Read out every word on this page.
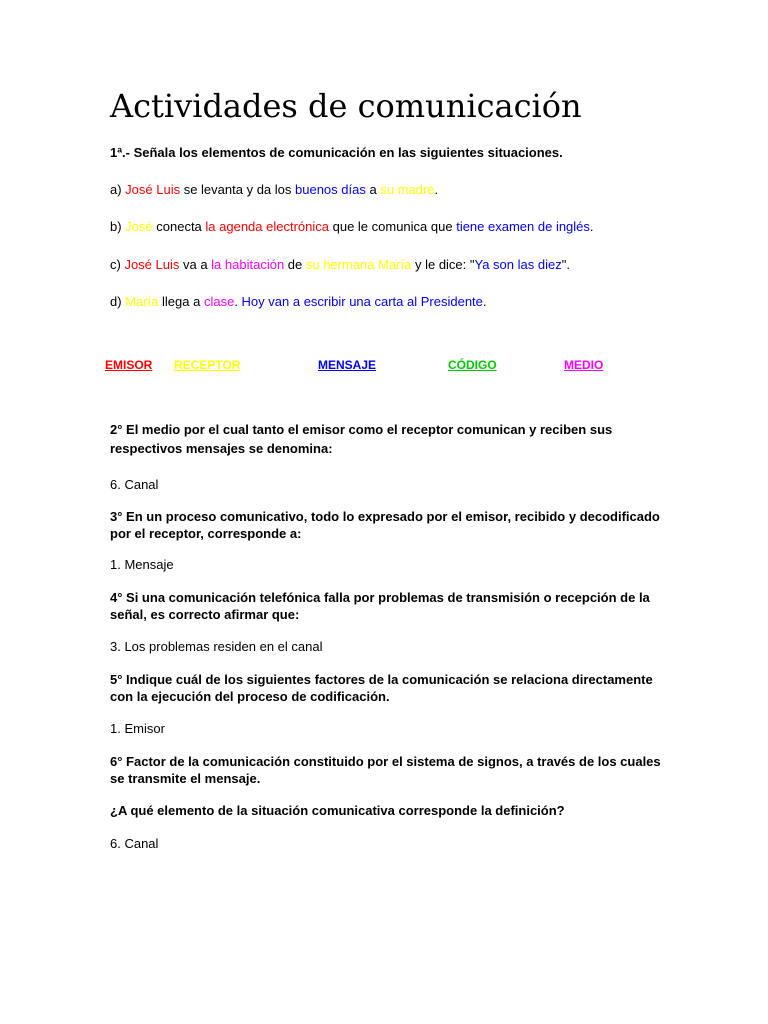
Actividades de comunicación
1ª.- Señala los elementos de comunicación en las siguientes situaciones.
a) José Luis se levanta y da los buenos días a su madre.
b) José conecta la agenda electrónica que le comunica que tiene examen de inglés.
c) José Luis va a la habitación de su hermana María y le dice: "Ya son las diez".
d) María llega a clase. Hoy van a escribir una carta al Presidente.
2° El medio por el cual tanto el emisor como el receptor comunican y reciben sus respectivos mensajes se denomina:
6. Canal
3° En un proceso comunicativo, todo lo expresado por el emisor, recibido y decodificado por el receptor, corresponde a:
1. Mensaje
4° Si una comunicación telefónica falla por problemas de transmisión o recepción de la señal, es correcto afirmar que:
3. Los problemas residen en el canal
5° Indique cuál de los siguientes factores de la comunicación se relaciona directamente con la ejecución del proceso de codificación.
1. Emisor
6° Factor de la comunicación constituido por el sistema de signos, a través de los cuales se transmite el mensaje.
¿A qué elemento de la situación comunicativa corresponde la definición?
6. Canal
EMISOR RECEPTOR	MENSAJE	CÓDIGO	MEDIO
